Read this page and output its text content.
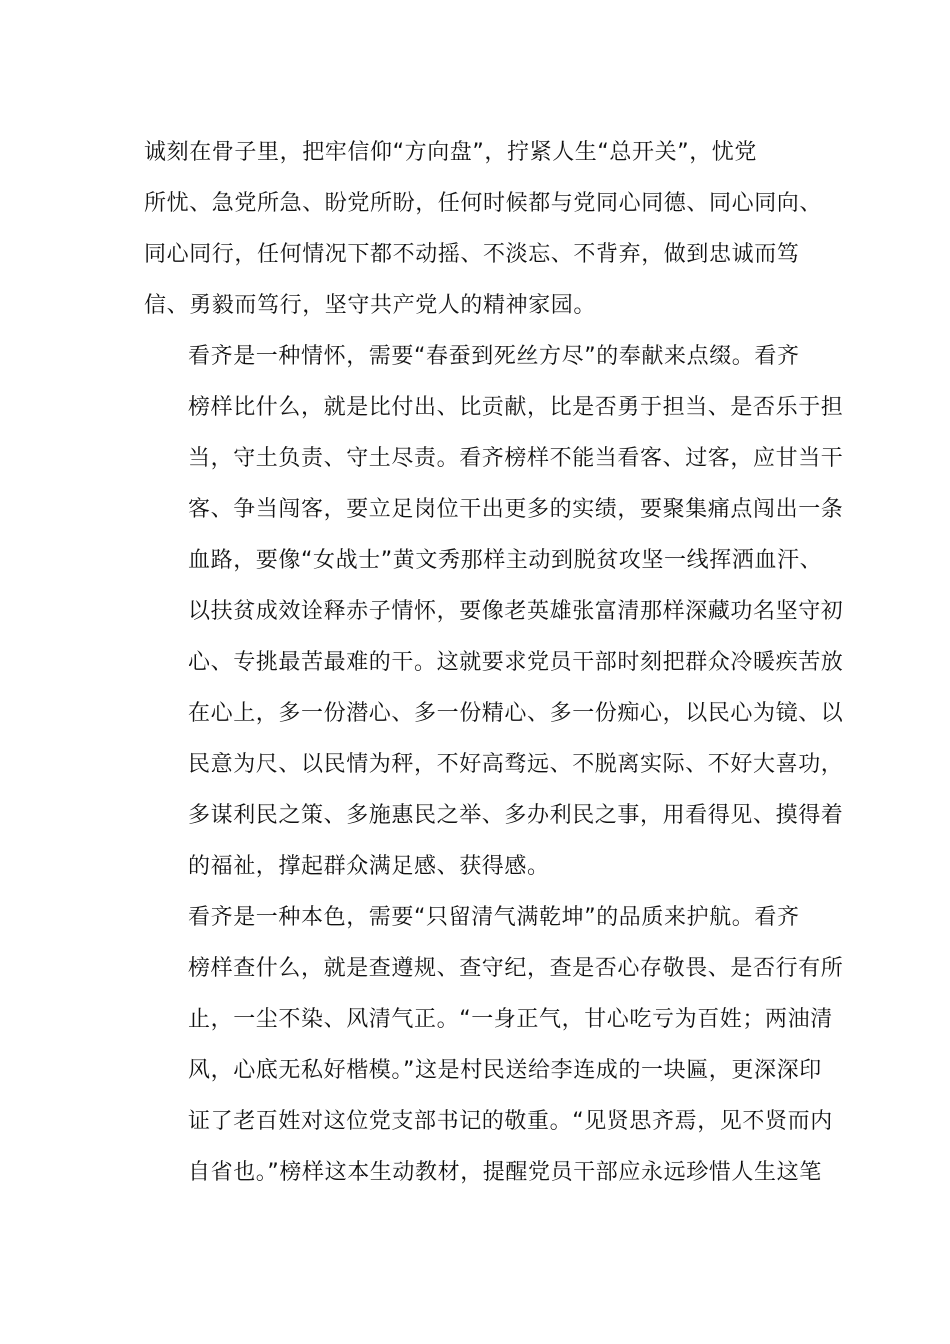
诚刻在骨子里，把牢信仰“方向盘”，拧紧人生“总开关”，忧党
所忧、急党所急、盼党所盼，任何时候都与党同心同德、同心同向、
同心同行，任何情况下都不动摇、不淡忘、不背弃，做到忠诚而笃
信、勇毅而笃行，坚守共产党人的精神家园。

看齐是一种情怀，需要“春蚕到死丝方尽”的奉献来点缀。看齐
榜样比什么，就是比付出、比贡献，比是否勇于担当、是否乐于担
当，守土负责、守土尽责。看齐榜样不能当看客、过客，应甘当干
客、争当闯客，要立足岗位干出更多的实绩，要聚集痛点闯出一条
血路，要像“女战士”黄文秀那样主动到脱贫攻坚一线挥洒血汗、
以扶贫成效诠释赤子情怀，要像老英雄张富清那样深藏功名坚守初
心、专挑最苦最难的干。这就要求党员干部时刻把群众冷暖疾苦放
在心上，多一份潜心、多一份精心、多一份痴心，以民心为镜、以
民意为尺、以民情为秤，不好高骛远、不脱离实际、不好大喜功，
多谋利民之策、多施惠民之举、多办利民之事，用看得见、摸得着
的福祉，撑起群众满足感、获得感。

看齐是一种本色，需要“只留清气满乾坤”的品质来护航。看齐
榜样查什么，就是查遵规、查守纪，查是否心存敬畏、是否行有所
止，一尘不染、风清气正。“一身正气，甘心吃亏为百姓；两油清
风，心底无私好楷模。”这是村民送给李连成的一块匾，更深深印
证了老百姓对这位党支部书记的敬重。“见贤思齐焉，见不贤而内
自省也。”榜样这本生动教材，提醒党员干部应永远珍惜人生这笔
